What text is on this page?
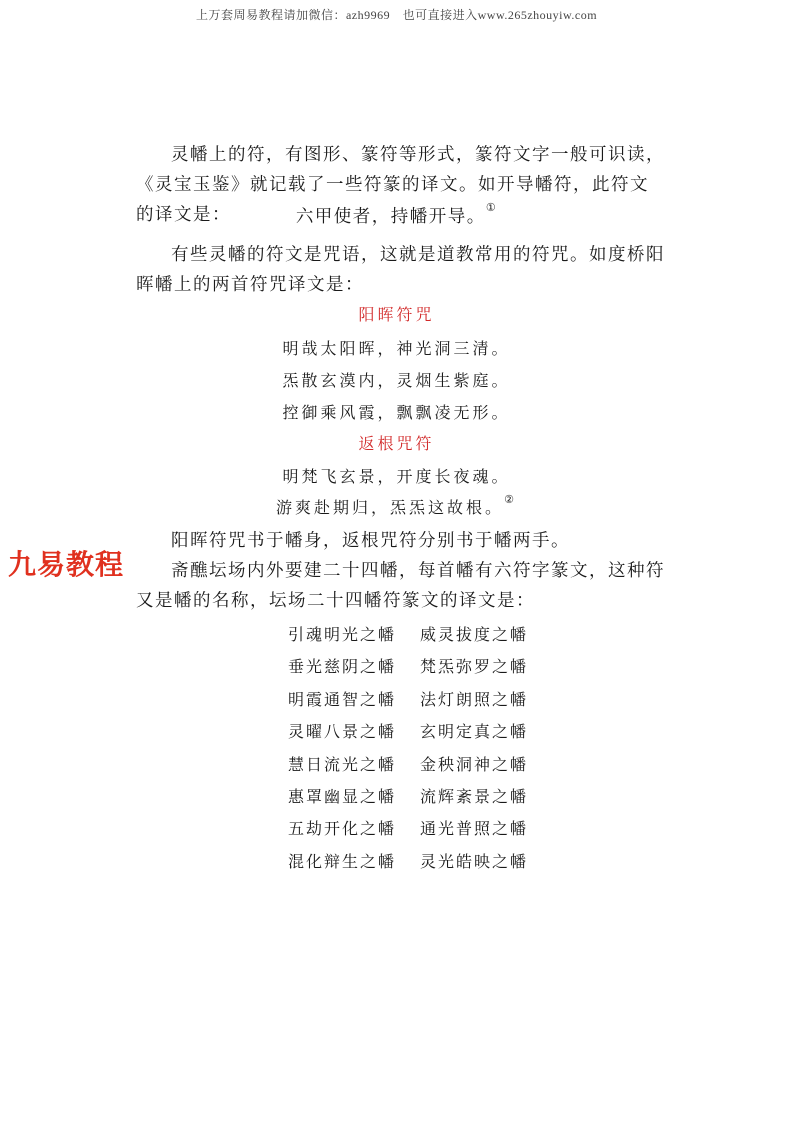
上万套周易教程请加微信：azh9969　也可直接进入www.265zhouyiw.com

灵幡上的符，有图形、篆符等形式，篆符文字一般可识读，《灵宝玉鉴》就记载了一些符篆的译文。如开导幡符，此符文的译文是：	六甲使者，持幡开导。①

有些灵幡的符文是咒语，这就是道教常用的符咒。如度桥阳晖幡上的两首符咒译文是：

阳晖符咒
明哉太阳晖，神光洞三清。
炁散玄漠内，灵烟生紫庭。
控御乘风霞，飘飘凌无形。
返根咒符
明梵飞玄景，开度长夜魂。
游爽赴期归，炁炁这故根。②

阳晖符咒书于幡身，返根咒符分别书于幡两手。

九易教程	斋醮坛场内外要建二十四幡，每首幡有六符字篆文，这种符又是幡的名称，坛场二十四幡符篆文的译文是：

引魂明光之幡 威灵拔度之幡
垂光慈阴之幡 梵炁弥罗之幡
明霞通智之幡 法灯朗照之幡
灵曜八景之幡 玄明定真之幡
慧日流光之幡 金秧洞神之幡
惠罩幽显之幡 流辉紊景之幡
五劫开化之幡 通光普照之幡
混化辩生之幡 灵光皓映之幡
